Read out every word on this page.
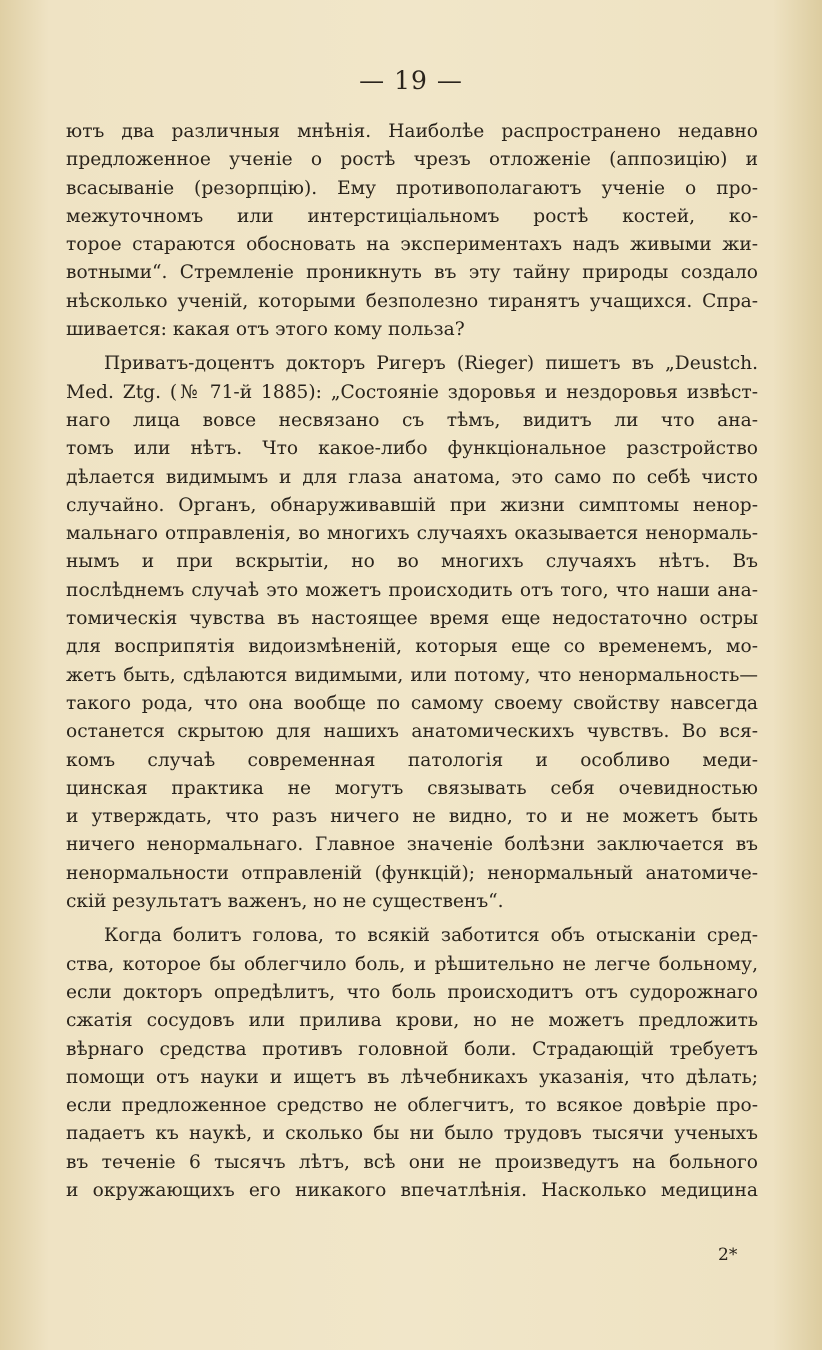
— 19 —
ютъ два различныя мнѣнія. Наиболѣе распространено недавно
предложенное ученіе о ростѣ чрезъ отложеніе (аппозицію) и
всасываніе (резорпцію). Ему противополагаютъ ученіе о про-
межуточномъ или интерстиціальномъ ростѣ костей, ко-
торое стараются обосновать на экспериментахъ надъ живыми жи-
вотными“. Стремленіе проникнуть въ эту тайну природы создало
нѣсколько ученій, которыми безполезно тиранятъ учащихся. Спра-
шивается: какая отъ этого кому польза?
Приватъ-доцентъ докторъ Ригеръ (Rieger) пишетъ въ „Deustch.
Med. Ztg. (№ 71-й 1885): „Состояніе здоровья и нездоровья извѣст-
наго лица вовсе несвязано съ тѣмъ, видитъ ли что ана-
томъ или нѣтъ. Что какое-либо функціональное разстройство
дѣлается видимымъ и для глаза анатома, это само по себѣ чисто
случайно. Органъ, обнаруживавшій при жизни симптомы ненор-
мальнаго отправленія, во многихъ случаяхъ оказывается ненормаль-
нымъ и при вскрытіи, но во многихъ случаяхъ нѣтъ. Въ
послѣднемъ случаѣ это можетъ происходить отъ того, что наши ана-
томическія чувства въ настоящее время еще недостаточно остры
для восприпятія видоизмѣненій, которыя еще со временемъ, мо-
жетъ быть, сдѣлаются видимыми, или потому, что ненормальность—
такого рода, что она вообще по самому своему свойству навсегда
останется скрытою для нашихъ анатомическихъ чувствъ. Во вся-
комъ случаѣ современная патологія и особливо меди-
цинская практика не могутъ связывать себя очевидностью
и утверждать, что разъ ничего не видно, то и не можетъ быть
ничего ненормальнаго. Главное значеніе болѣзни заключается въ
ненормальности отправленій (функцій); ненормальный анатомиче-
скій результатъ важенъ, но не существенъ“.
Когда болитъ голова, то всякій заботится объ отысканіи сред-
ства, которое бы облегчило боль, и рѣшительно не легче больному,
если докторъ опредѣлитъ, что боль происходитъ отъ судорожнаго
сжатія сосудовъ или прилива крови, но не можетъ предложить
вѣрнаго средства противъ головной боли. Страдающій требуетъ
помощи отъ науки и ищетъ въ лѣчебникахъ указанія, что дѣлать;
если предложенное средство не облегчитъ, то всякое довѣріе про-
падаетъ къ наукѣ, и сколько бы ни было трудовъ тысячи ученыхъ
въ теченіе 6 тысячъ лѣтъ, всѣ они не произведутъ на больного
и окружающихъ его никакого впечатлѣнія. Насколько медицина
2*
